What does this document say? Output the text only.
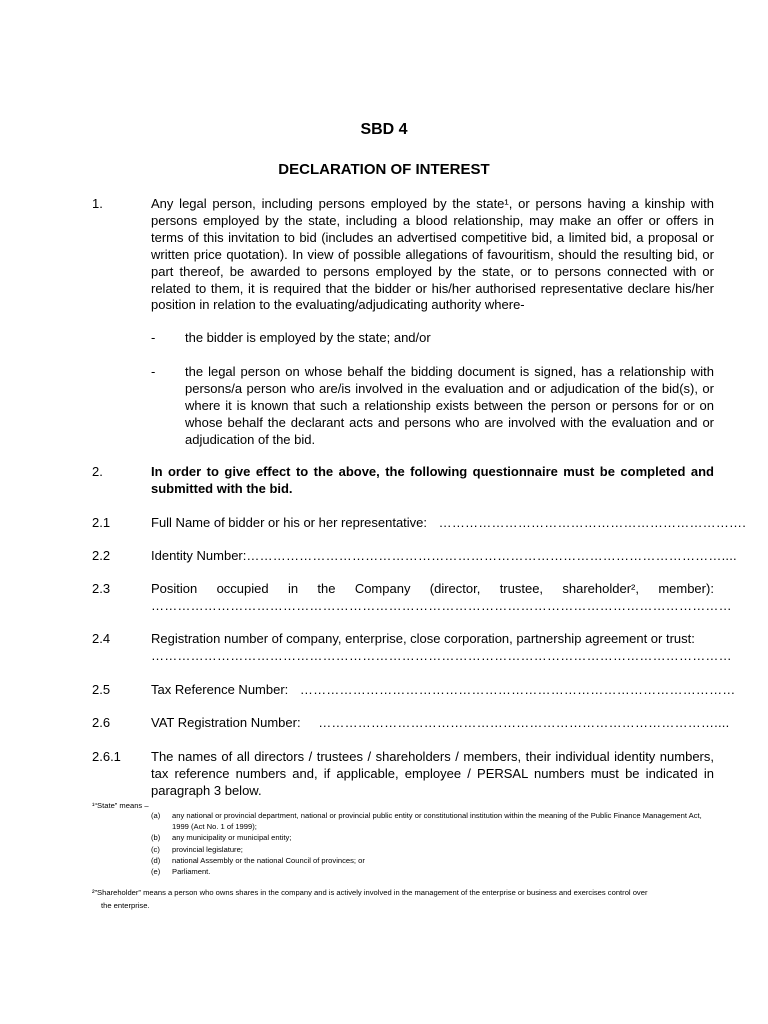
SBD 4
DECLARATION OF INTEREST
1.	Any legal person, including persons employed by the state¹, or persons having a kinship with persons employed by the state, including a blood relationship, may make an offer or offers in terms of this invitation to bid (includes an advertised competitive bid, a limited bid, a proposal or written price quotation). In view of possible allegations of favouritism, should the resulting bid, or part thereof, be awarded to persons employed by the state, or to persons connected with or related to them, it is required that the bidder or his/her authorised representative declare his/her position in relation to the evaluating/adjudicating authority where-
- the bidder is employed by the state; and/or
- the legal person on whose behalf the bidding document is signed, has a relationship with persons/a person who are/is involved in the evaluation and or adjudication of the bid(s), or where it is known that such a relationship exists between the person or persons for or on whose behalf the declarant acts and persons who are involved with the evaluation and or adjudication of the bid.
2.	In order to give effect to the above, the following questionnaire must be completed and submitted with the bid.
2.1	Full Name of bidder or his or her representative: …………………………………………………………….
2.2	Identity Number:………………………………………………………………………………………………....
2.3	Position occupied in the Company (director, trustee, shareholder², member):
……………………………………………………………………………………………………………………
2.4	Registration number of company, enterprise, close corporation, partnership agreement or trust:
……………………………………………………………………………………………………………………
2.5	Tax Reference Number: ………………………………………………………………………………………
2.6	VAT Registration Number: ………………………………………………………………………………....
2.6.1	The names of all directors / trustees / shareholders / members, their individual identity numbers, tax reference numbers and, if applicable, employee / PERSAL numbers must be indicated in paragraph 3 below.
¹“State” means –
(a) any national or provincial department, national or provincial public entity or constitutional institution within the meaning of the Public Finance Management Act, 1999 (Act No. 1 of 1999);
(b) any municipality or municipal entity;
(c) provincial legislature;
(d) national Assembly or the national Council of provinces; or
(e) Parliament.
²”Shareholder” means a person who owns shares in the company and is actively involved in the management of the enterprise or business and exercises control over
the enterprise.
